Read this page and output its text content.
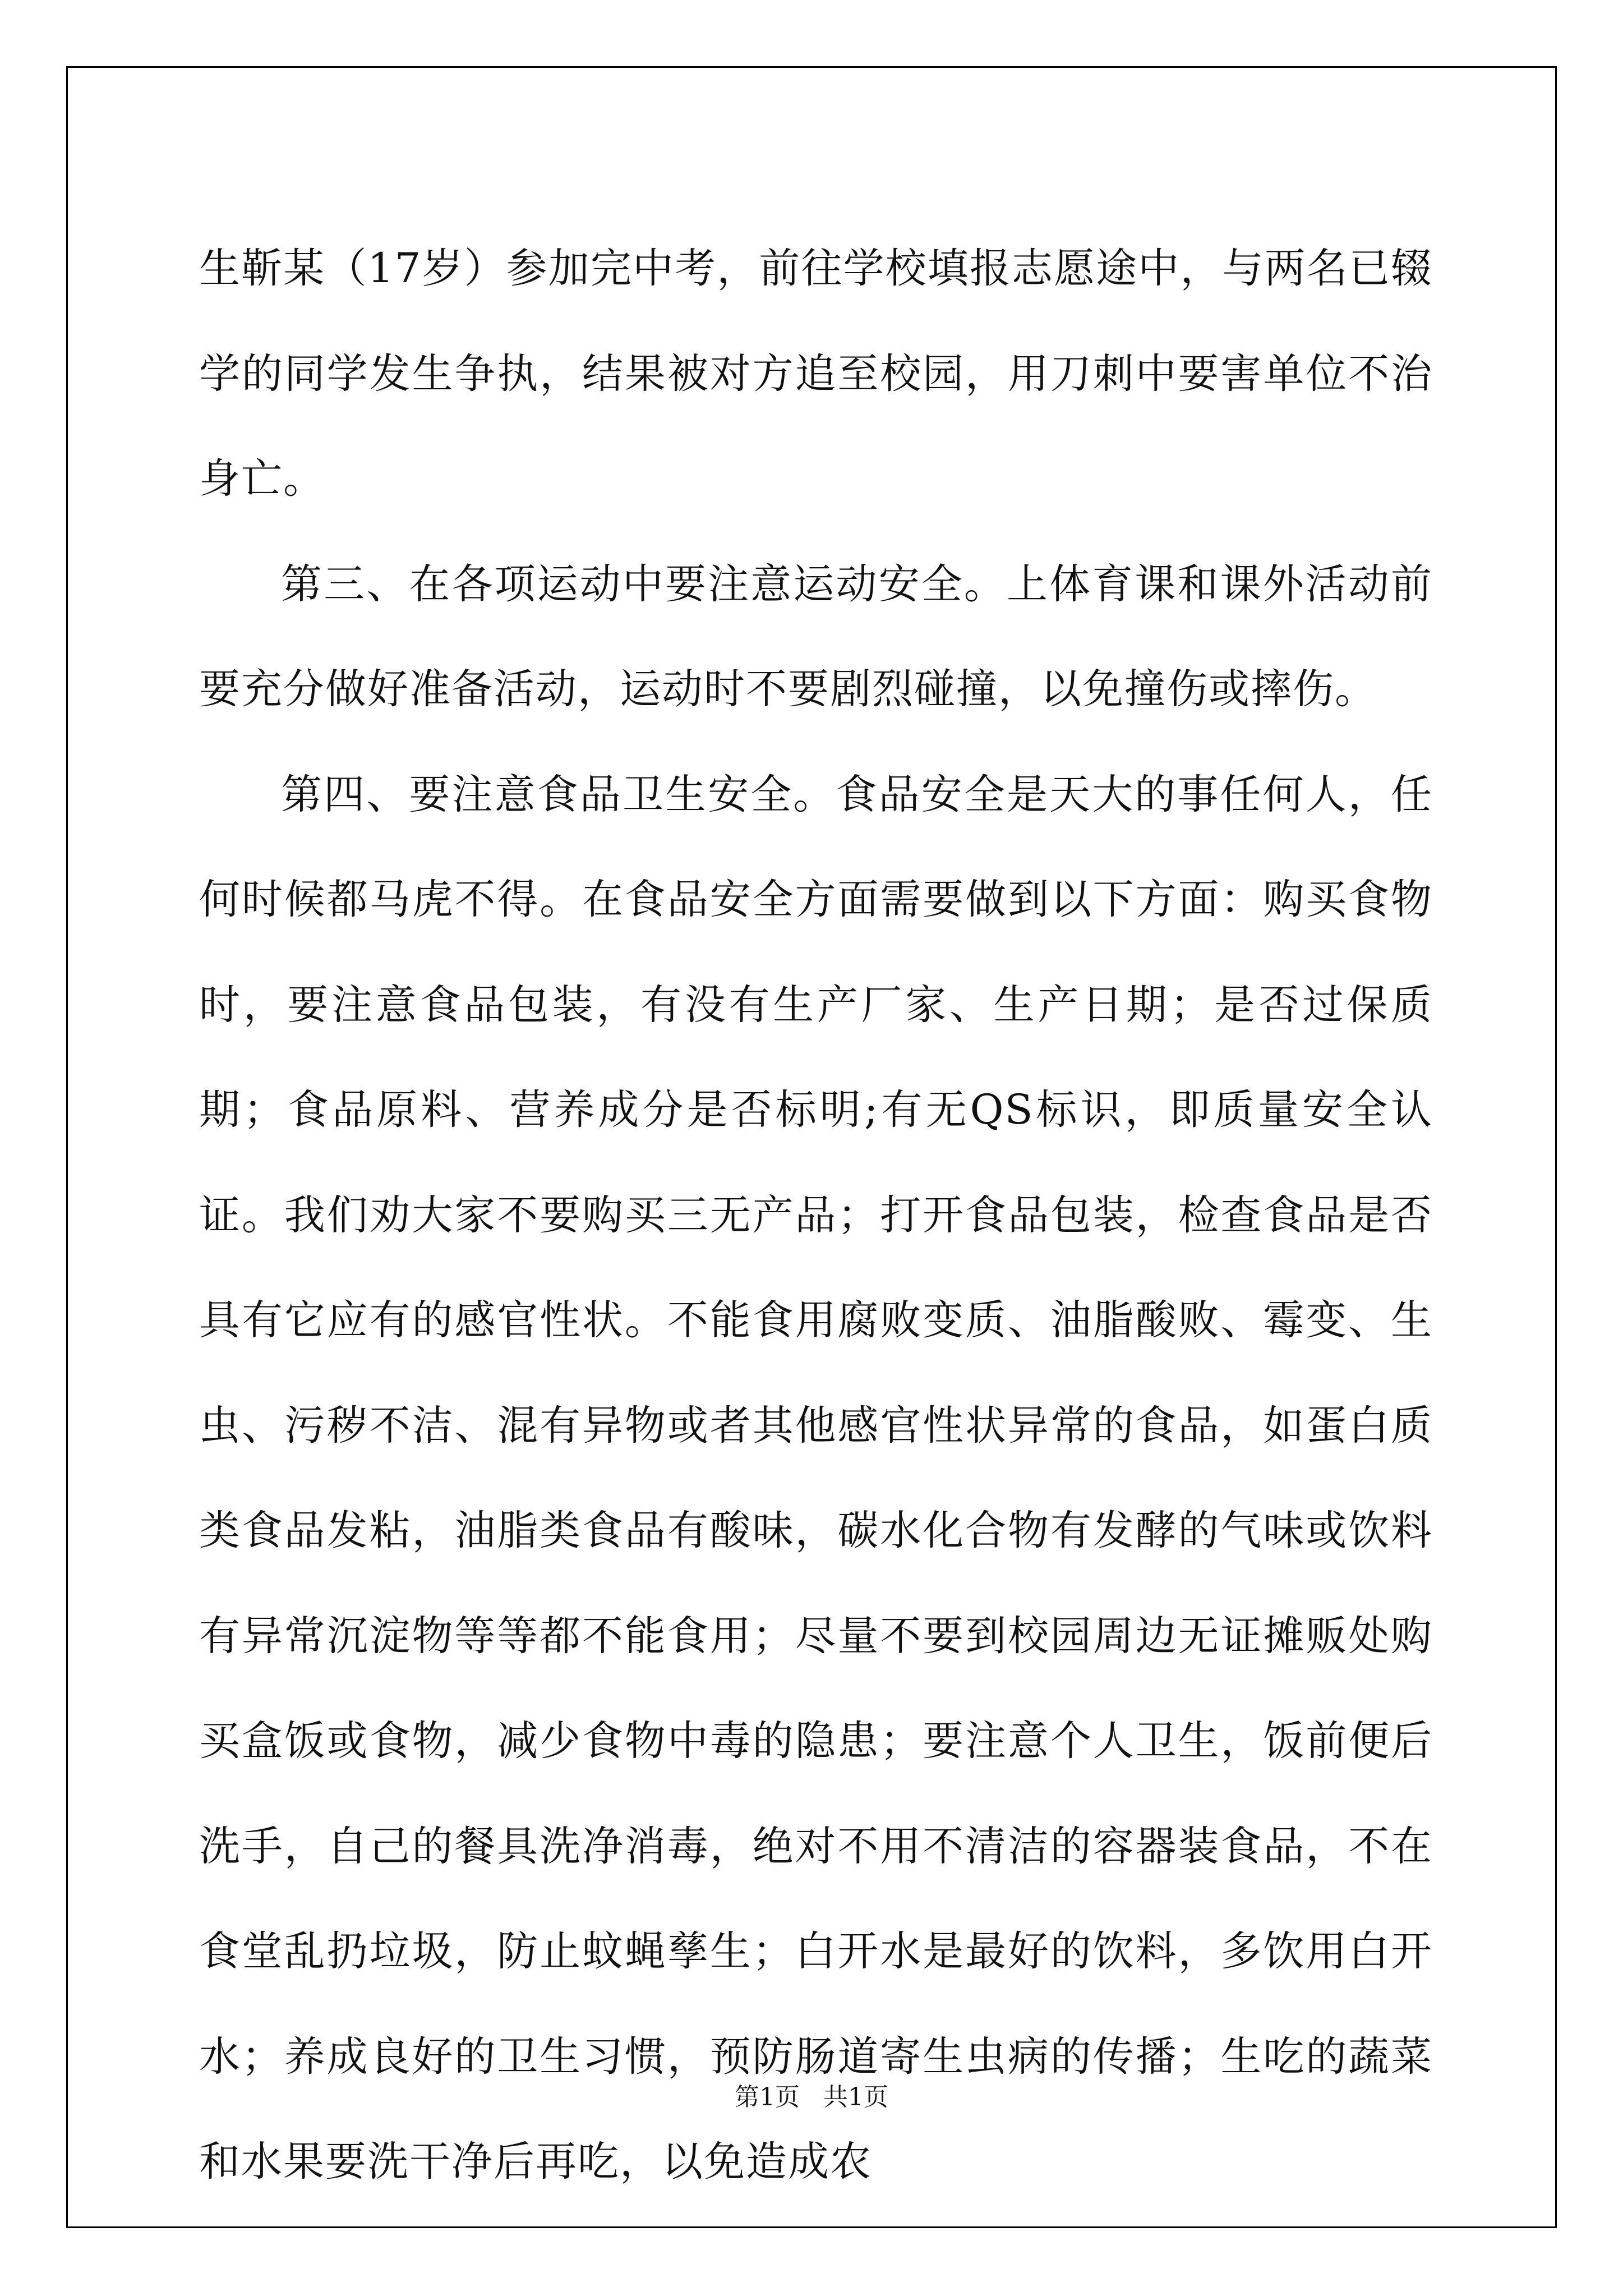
生靳某（17岁）参加完中考，前往学校填报志愿途中，与两名已辍学的同学发生争执，结果被对方追至校园，用刀刺中要害单位不治身亡。

第三、在各项运动中要注意运动安全。上体育课和课外活动前要充分做好准备活动，运动时不要剧烈碰撞，以免撞伤或摔伤。

第四、要注意食品卫生安全。食品安全是天大的事任何人，任何时候都马虎不得。在食品安全方面需要做到以下方面：购买食物时，要注意食品包装，有没有生产厂家、生产日期；是否过保质期；食品原料、营养成分是否标明;有无QS标识，即质量安全认证。我们劝大家不要购买三无产品；打开食品包装，检查食品是否具有它应有的感官性状。不能食用腐败变质、油脂酸败、霉变、生虫、污秽不洁、混有异物或者其他感官性状异常的食品，如蛋白质类食品发粘，油脂类食品有酸味，碳水化合物有发酵的气味或饮料有异常沉淀物等等都不能食用；尽量不要到校园周边无证摊贩处购买盒饭或食物，减少食物中毒的隐患；要注意个人卫生，饭前便后洗手，自己的餐具洗净消毒，绝对不用不清洁的容器装食品，不在食堂乱扔垃圾，防止蚊蝇孳生；白开水是最好的饮料，多饮用白开水；养成良好的卫生习惯，预防肠道寄生虫病的传播；生吃的蔬菜和水果要洗干净后再吃，以免造成农

第1页   共1页
